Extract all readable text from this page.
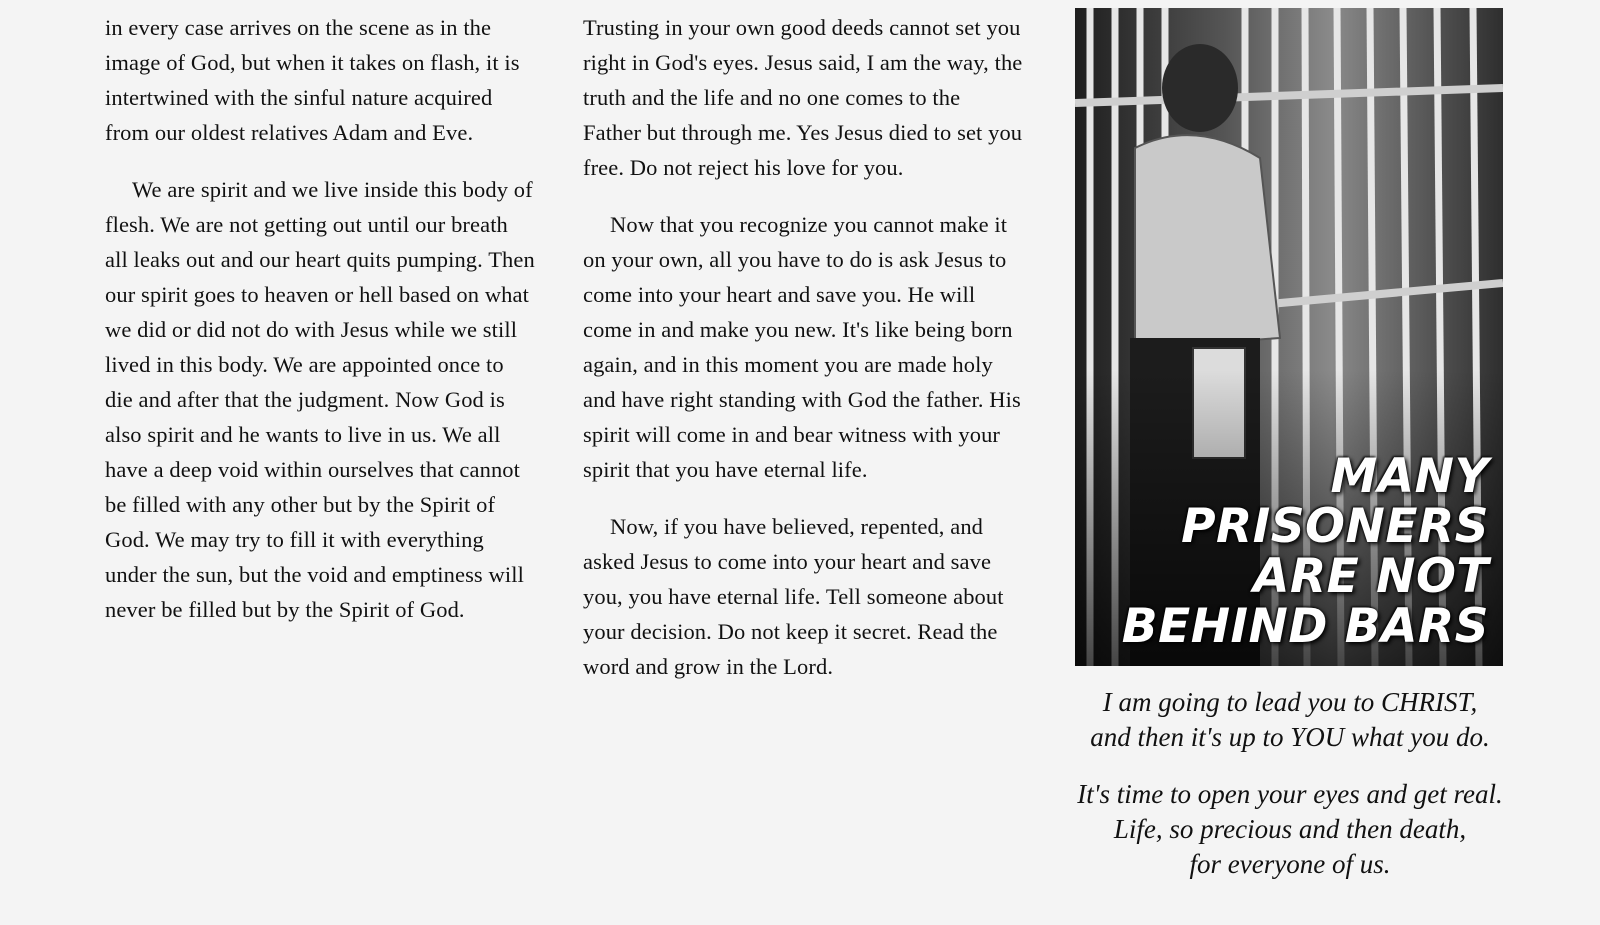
in every case arrives on the scene as in the image of God, but when it takes on flash, it is intertwined with the sinful nature acquired from our oldest relatives Adam and Eve.

We are spirit and we live inside this body of flesh. We are not getting out until our breath all leaks out and our heart quits pumping. Then our spirit goes to heaven or hell based on what we did or did not do with Jesus while we still lived in this body. We are appointed once to die and after that the judgment. Now God is also spirit and he wants to live in us. We all have a deep void within ourselves that cannot be filled with any other but by the Spirit of God. We may try to fill it with everything under the sun, but the void and emptiness will never be filled but by the Spirit of God.

Trusting in your own good deeds cannot set you right in God's eyes. Jesus said, I am the way, the truth and the life and no one comes to the Father but through me. Yes Jesus died to set you free. Do not reject his love for you.

Now that you recognize you cannot make it on your own, all you have to do is ask Jesus to come into your heart and save you. He will come in and make you new. It's like being born again, and in this moment you are made holy and have right standing with God the father. His spirit will come in and bear witness with your spirit that you have eternal life.

Now, if you have believed, repented, and asked Jesus to come into your heart and save you, you have eternal life. Tell someone about your decision. Do not keep it secret. Read the word and grow in the Lord.

MANY
PRISONERS
ARE NOT
BEHIND BARS

I am going to lead you to CHRIST,
and then it's up to YOU what you do.

It's time to open your eyes and get real.
Life, so precious and then death,
for everyone of us.
